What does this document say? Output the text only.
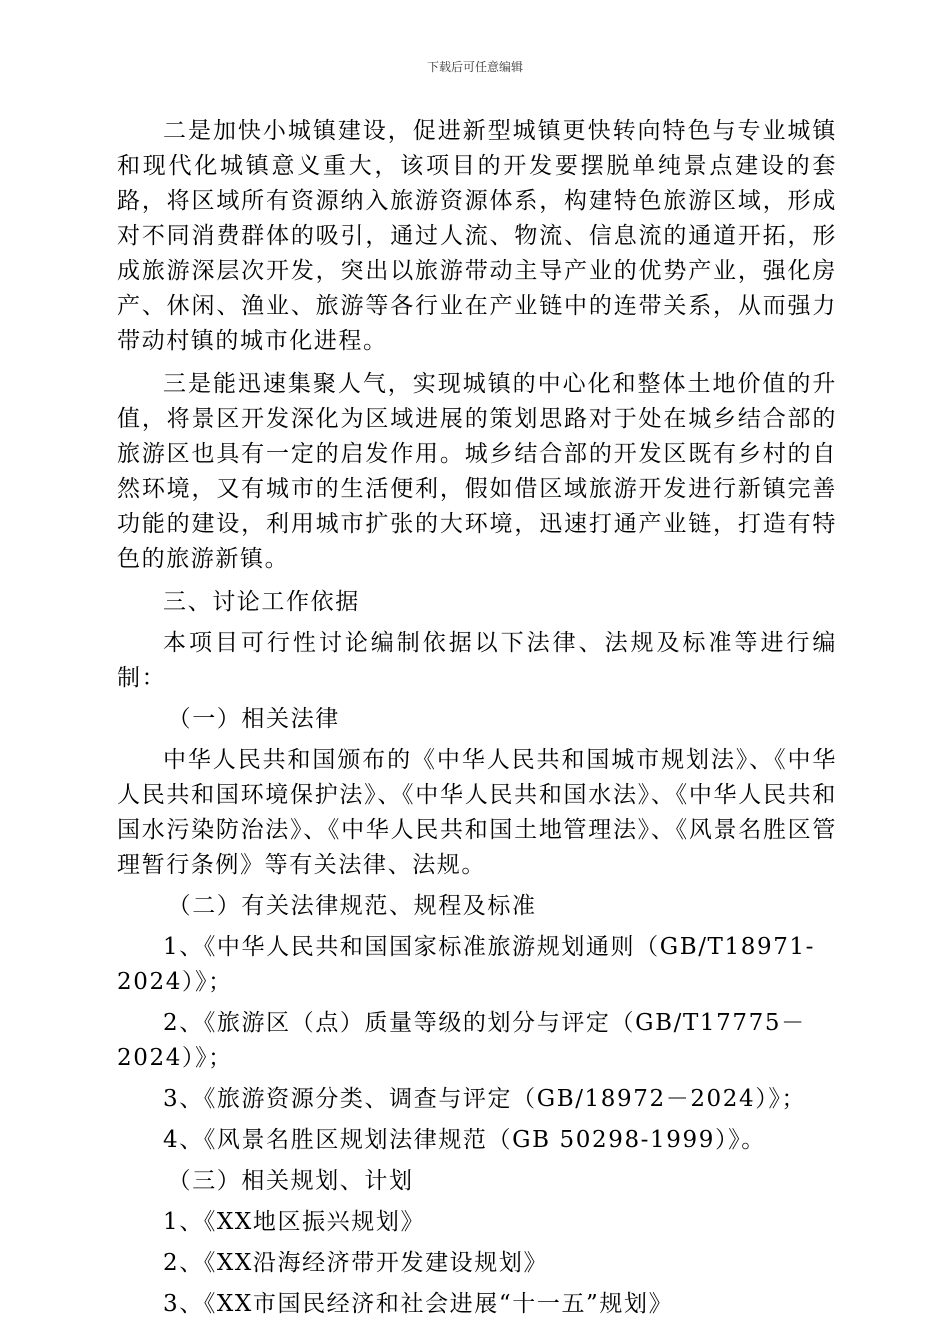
下载后可任意编辑

二是加快小城镇建设，促进新型城镇更快转向特色与专业城镇和现代化城镇意义重大，该项目的开发要摆脱单纯景点建设的套路，将区域所有资源纳入旅游资源体系，构建特色旅游区域，形成对不同消费群体的吸引，通过人流、物流、信息流的通道开拓，形成旅游深层次开发，突出以旅游带动主导产业的优势产业，强化房产、休闲、渔业、旅游等各行业在产业链中的连带关系，从而强力带动村镇的城市化进程。

三是能迅速集聚人气，实现城镇的中心化和整体土地价值的升值，将景区开发深化为区域进展的策划思路对于处在城乡结合部的旅游区也具有一定的启发作用。城乡结合部的开发区既有乡村的自然环境，又有城市的生活便利，假如借区域旅游开发进行新镇完善功能的建设，利用城市扩张的大环境，迅速打通产业链，打造有特色的旅游新镇。

三、讨论工作依据

本项目可行性讨论编制依据以下法律、法规及标准等进行编制：

（一）相关法律

中华人民共和国颁布的《中华人民共和国城市规划法》、《中华人民共和国环境保护法》、《中华人民共和国水法》、《中华人民共和国水污染防治法》、《中华人民共和国土地管理法》、《风景名胜区管理暂行条例》等有关法律、法规。

（二）有关法律规范、规程及标准

1、《中华人民共和国国家标准旅游规划通则（GB/T18971-2024）》；

2、《旅游区（点）质量等级的划分与评定（GB/T17775－2024）》；

3、《旅游资源分类、调查与评定（GB/18972－2024）》；

4、《风景名胜区规划法律规范（GB 50298-1999）》。

（三）相关规划、计划

1、《XX地区振兴规划》

2、《XX沿海经济带开发建设规划》

3、《XX市国民经济和社会进展“十一五”规划》
